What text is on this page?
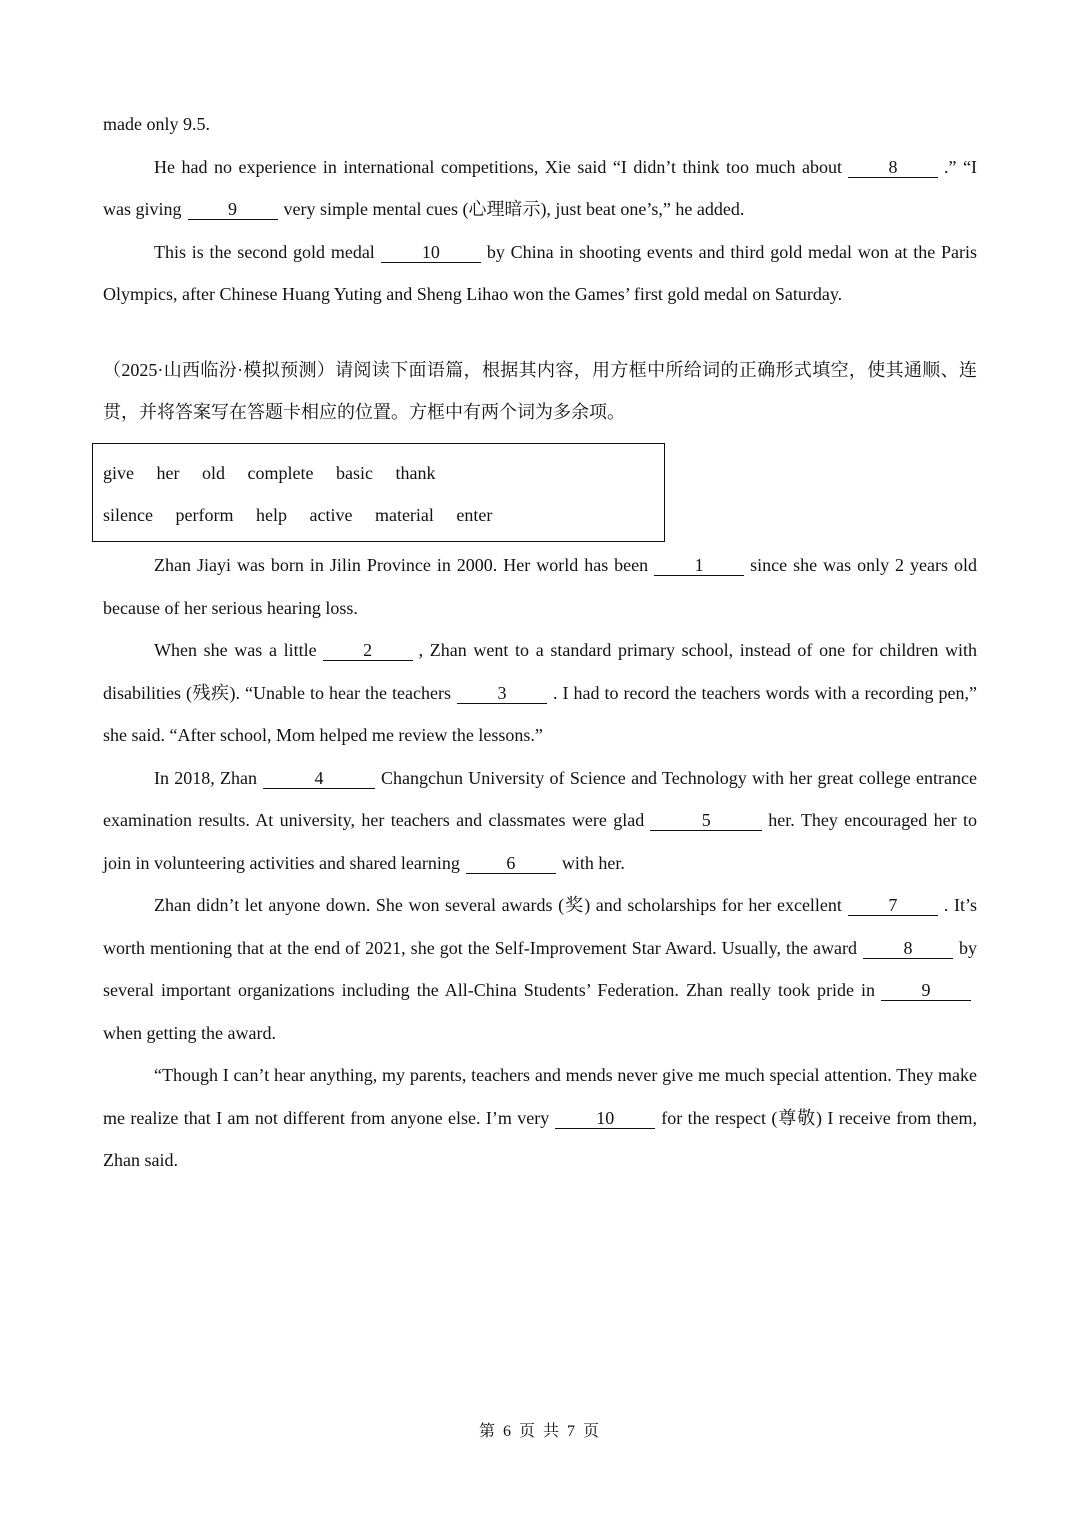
made only 9.5.

He had no experience in international competitions, Xie said “I didn’t think too much about	8	.” “I was giving	9	very simple mental cues (心理暗示), just beat one’s,” he added.

This is the second gold medal	10	by China in shooting events and third gold medal won at the Paris Olympics, after Chinese Huang Yuting and Sheng Lihao won the Games’ first gold medal on Saturday.

（2025·山西临汾·模拟预测）请阅读下面语篇，根据其内容，用方框中所给词的正确形式填空，使其通顺、连贯，并将答案写在答题卡相应的位置。方框中有两个词为多余项。

give her old complete basic thank
silence perform help active material enter

Zhan Jiayi was born in Jilin Province in 2000. Her world has been	1	since she was only 2 years old because of her serious hearing loss.

When she was a little	2	, Zhan went to a standard primary school, instead of one for children with disabilities (残疾). “Unable to hear the teachers	3	. I had to record the teachers words with a recording pen,” she said. “After school, Mom helped me review the lessons.”

In 2018, Zhan	4	Changchun University of Science and Technology with her great college entrance examination results. At university, her teachers and classmates were glad	5	her. They encouraged her to join in volunteering activities and shared learning	6	with her.

Zhan didn’t let anyone down. She won several awards (奖) and scholarships for her excellent	7	. It’s worth mentioning that at the end of 2021, she got the Self-Improvement Star Award. Usually, the award	8	by several important organizations including the All-China Students’ Federation. Zhan really took pride in	9when getting the award.

“Though I can’t hear anything, my parents, teachers and mends never give me much special attention. They make me realize that I am not different from anyone else. I’m very	10	for the respect (尊敬) I receive from them, Zhan said.

第 6 页 共 7 页
